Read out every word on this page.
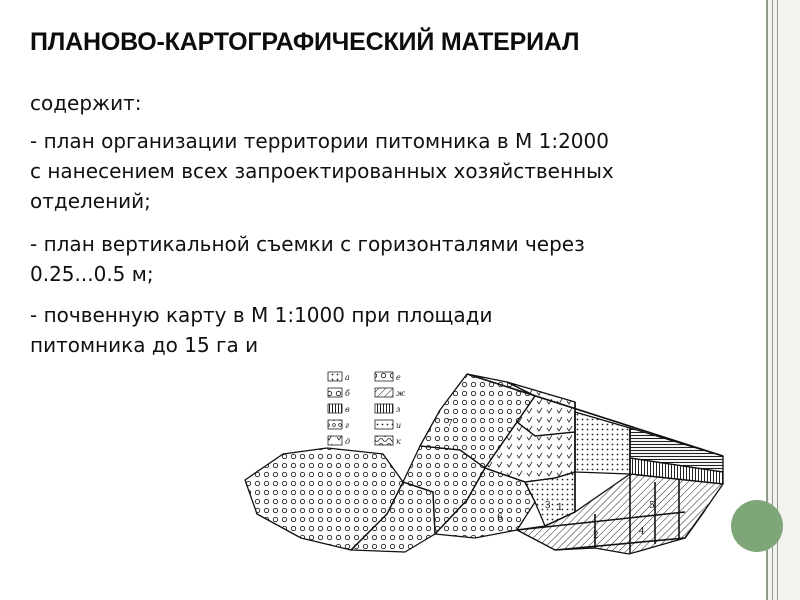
ПЛАНОВО-КАРТОГРАФИЧЕСКИЙ МАТЕРИАЛ
содержит:
- план организации территории питомника в М 1:2000
с нанесением всех запроектированных хозяйственных
отделений;
- план вертикальной съемки с горизонталями через
0.25...0.5 м;
- почвенную карту в М 1:1000 при площади
питомника до 15 га и
а
б
в
г
д
е
ж
з
и
к
1
2
3
4
5
6
7
